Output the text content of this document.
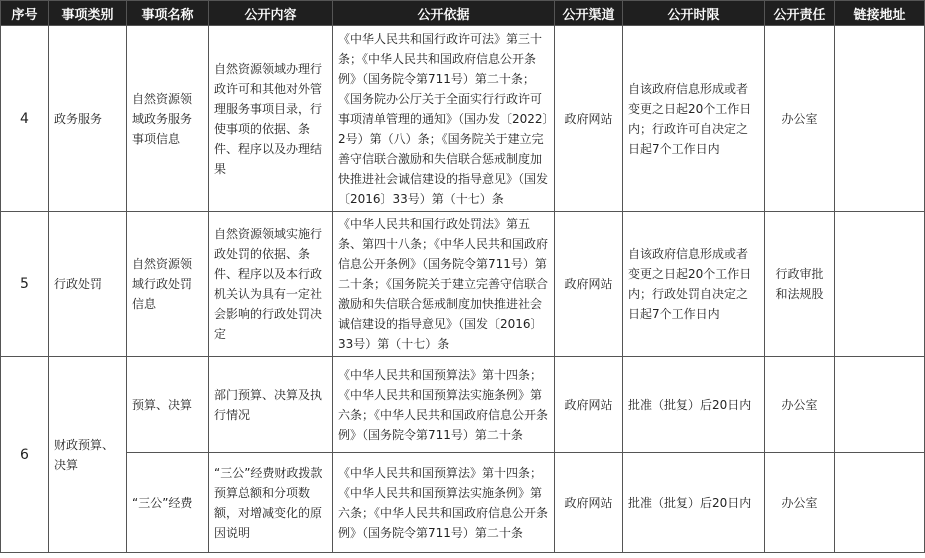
序号	事项类别	事项名称	公开内容	公开依据	公开渠道	公开时限	公开责任	链接地址
4	政务服务	自然资源领域政务服务事项信息	自然资源领域办理行政许可和其他对外管理服务事项目录，行使事项的依据、条件、程序以及办理结果	《中华人民共和国行政许可法》第三十条；《中华人民共和国政府信息公开条例》（国务院令第711号）第二十条；《国务院办公厅关于全面实行行政许可事项清单管理的通知》（国办发〔2022〕2号）第（八）条；《国务院关于建立完善守信联合激励和失信联合惩戒制度加快推进社会诚信建设的指导意见》（国发〔2016〕33号）第（十七）条	政府网站	自该政府信息形成或者变更之日起20个工作日内；行政许可自决定之日起7个工作日内	办公室	
5	行政处罚	自然资源领域行政处罚信息	自然资源领域实施行政处罚的依据、条件、程序以及本行政机关认为具有一定社会影响的行政处罚决定	《中华人民共和国行政处罚法》第五条、第四十八条；《中华人民共和国政府信息公开条例》（国务院令第711号）第二十条；《国务院关于建立完善守信联合激励和失信联合惩戒制度加快推进社会诚信建设的指导意见》（国发〔2016〕33号）第（十七）条	政府网站	自该政府信息形成或者变更之日起20个工作日内；行政处罚自决定之日起7个工作日内	行政审批和法规股	
6	财政预算、决算	预算、决算	部门预算、决算及执行情况	《中华人民共和国预算法》第十四条；《中华人民共和国预算法实施条例》第六条；《中华人民共和国政府信息公开条例》（国务院令第711号）第二十条	政府网站	批准（批复）后20日内	办公室	
		“三公”经费	“三公”经费财政拨款预算总额和分项数额，对增减变化的原因说明	《中华人民共和国预算法》第十四条；《中华人民共和国预算法实施条例》第六条；《中华人民共和国政府信息公开条例》（国务院令第711号）第二十条	政府网站	批准（批复）后20日内	办公室	
